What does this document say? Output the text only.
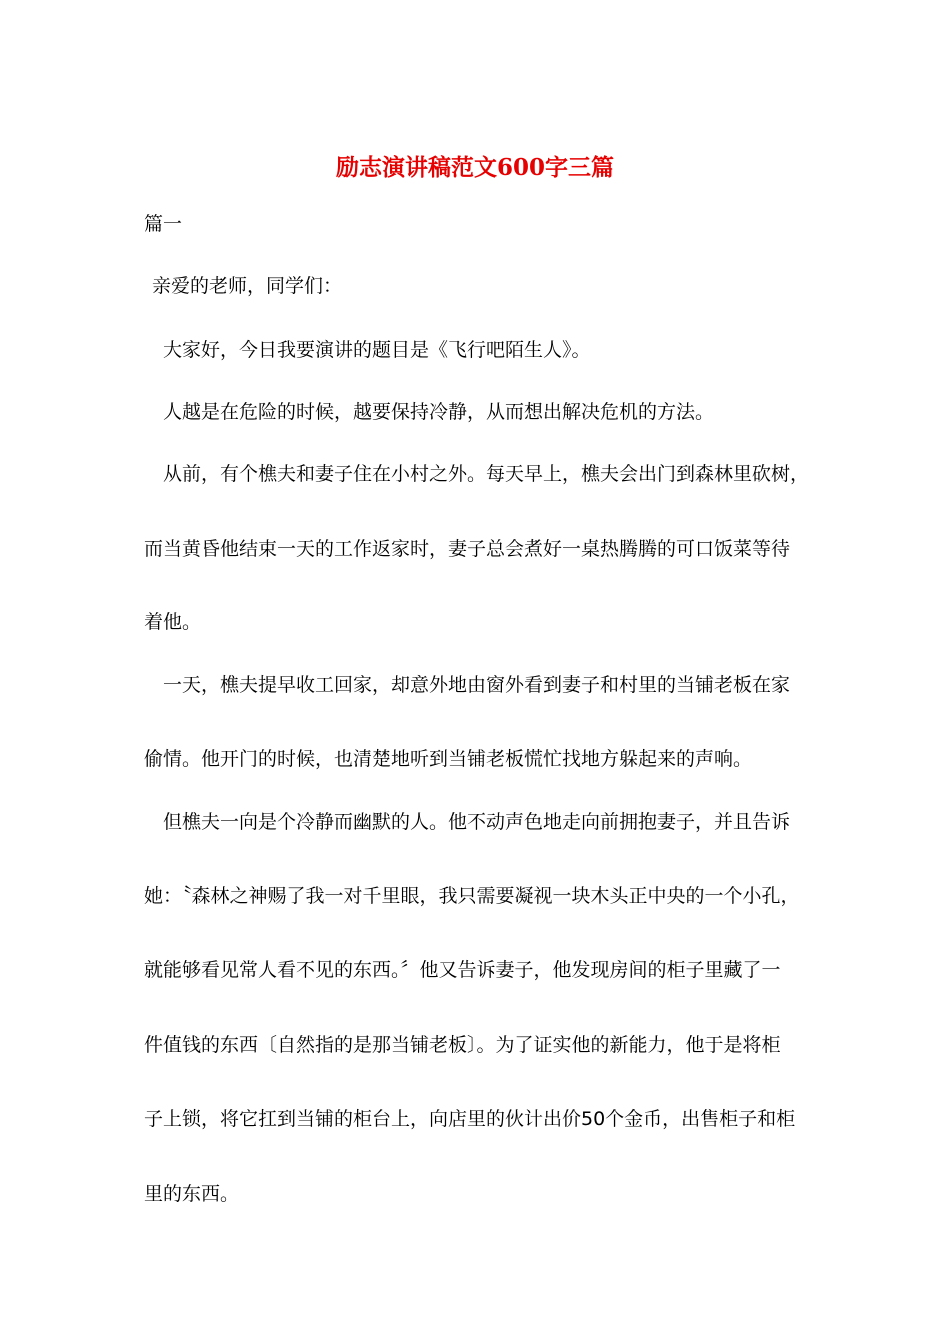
励志演讲稿范文600字三篇
篇一
亲爱的老师，同学们：
大家好，今日我要演讲的题目是《飞行吧陌生人》。
人越是在危险的时候，越要保持冷静，从而想出解决危机的方法。
从前，有个樵夫和妻子住在小村之外。每天早上，樵夫会出门到森林里砍树，
而当黄昏他结束一天的工作返家时，妻子总会煮好一桌热腾腾的可口饭菜等待
着他。
一天，樵夫提早收工回家，却意外地由窗外看到妻子和村里的当铺老板在家
偷情。他开门的时候，也清楚地听到当铺老板慌忙找地方躲起来的声响。
但樵夫一向是个冷静而幽默的人。他不动声色地走向前拥抱妻子，并且告诉
她：〝森林之神赐了我一对千里眼，我只需要凝视一块木头正中央的一个小孔，
就能够看见常人看不见的东西。〞他又告诉妻子，他发现房间的柜子里藏了一
件值钱的东西〔自然指的是那当铺老板〕。为了证实他的新能力，他于是将柜
子上锁，将它扛到当铺的柜台上，向店里的伙计出价50个金币，出售柜子和柜
里的东西。
